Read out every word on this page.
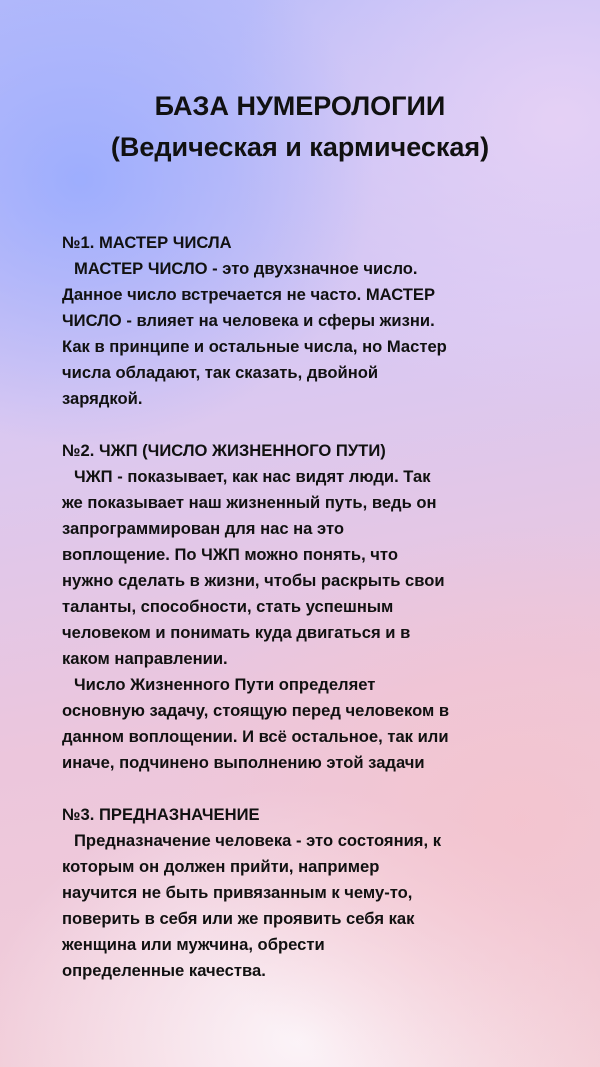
БАЗА НУМЕРОЛОГИИ
(Ведическая и кармическая)
№1. МАСТЕР ЧИСЛА
МАСТЕР ЧИСЛО - это двухзначное число.
Данное число встречается не часто. МАСТЕР
ЧИСЛО - влияет на человека и сферы жизни.
Как в принципе и остальные числа, но Мастер
числа обладают, так сказать, двойной
зарядкой.
№2. ЧЖП (ЧИСЛО ЖИЗНЕННОГО ПУТИ)
ЧЖП - показывает, как нас видят люди. Так
же показывает наш жизненный путь, ведь он
запрограммирован для нас на это
воплощение. По ЧЖП можно понять, что
нужно сделать в жизни, чтобы раскрыть свои
таланты, способности, стать успешным
человеком и понимать куда двигаться и в
каком направлении.
Число Жизненного Пути определяет
основную задачу, стоящую перед человеком в
данном воплощении. И всё остальное, так или
иначе, подчинено выполнению этой задачи
№3. ПРЕДНАЗНАЧЕНИЕ
Предназначение человека - это состояния, к
которым он должен прийти, например
научится не быть привязанным к чему-то,
поверить в себя или же проявить себя как
женщина или мужчина, обрести
определенные качества.
